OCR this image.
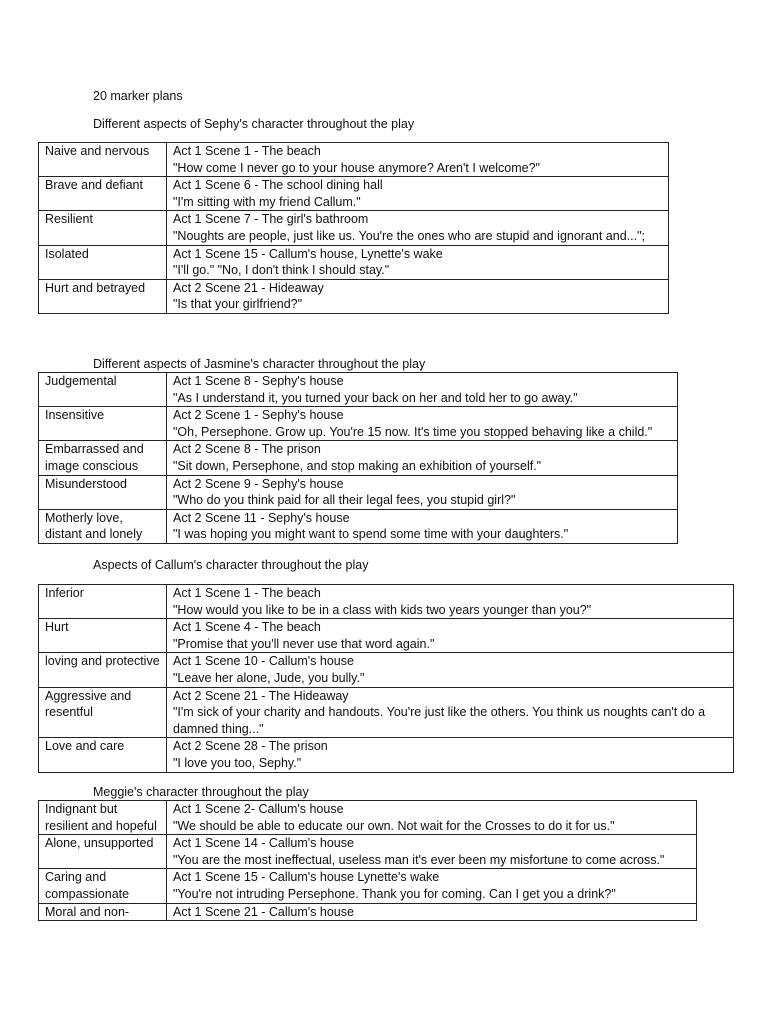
20 marker plans
Different aspects of Sephy's character throughout the play
Naive and nervous	Act 1 Scene 1 - The beach
"How come I never go to your house anymore? Aren't I welcome?"

Brave and defiant	Act 1 Scene 6 - The school dining hall
"I'm sitting with my friend Callum."

Resilient	Act 1 Scene 7 - The girl's bathroom
"Noughts are people, just like us. You're the ones who are stupid and ignorant and...";

Isolated	Act 1 Scene 15 - Callum's house, Lynette's wake
"I'll go." "No, I don't think I should stay."

Hurt and betrayed	Act 2 Scene 21 - Hideaway
"Is that your girlfriend?"
Different aspects of Jasmine's character throughout the play
Judgemental	Act 1 Scene 8 - Sephy's house
"As I understand it, you turned your back on her and told her to go away."

Insensitive	Act 2 Scene 1 - Sephy's house
"Oh, Persephone. Grow up. You're 15 now. It's time you stopped behaving like a child."

Embarrassed and image conscious	Act 2 Scene 8 - The prison
"Sit down, Persephone, and stop making an exhibition of yourself."

Misunderstood	Act 2 Scene 9 - Sephy's house
"Who do you think paid for all their legal fees, you stupid girl?"

Motherly love, distant and lonely	Act 2 Scene 11 - Sephy's house
"I was hoping you might want to spend some time with your daughters."
Aspects of Callum's character throughout the play
Inferior	Act 1 Scene 1 - The beach
"How would you like to be in a class with kids two years younger than you?"

Hurt	Act 1 Scene 4 - The beach
"Promise that you'll never use that word again."

loving and protective	Act 1 Scene 10 - Callum's house
"Leave her alone, Jude, you bully."

Aggressive and resentful	Act 2 Scene 21 - The Hideaway
"I'm sick of your charity and handouts. You're just like the others. You think us noughts can't do a damned thing..."

Love and care	Act 2 Scene 28 - The prison
"I love you too, Sephy."
Meggie's character throughout the play
Indignant but resilient and hopeful	Act 1 Scene 2- Callum's house
"We should be able to educate our own. Not wait for the Crosses to do it for us."

Alone, unsupported	Act 1 Scene 14 - Callum's house
"You are the most ineffectual, useless man it's ever been my misfortune to come across."

Caring and compassionate	Act 1 Scene 15 - Callum's house Lynette's wake
"You're not intruding Persephone. Thank you for coming. Can I get you a drink?"

Moral and non-	Act 1 Scene 21 - Callum's house
